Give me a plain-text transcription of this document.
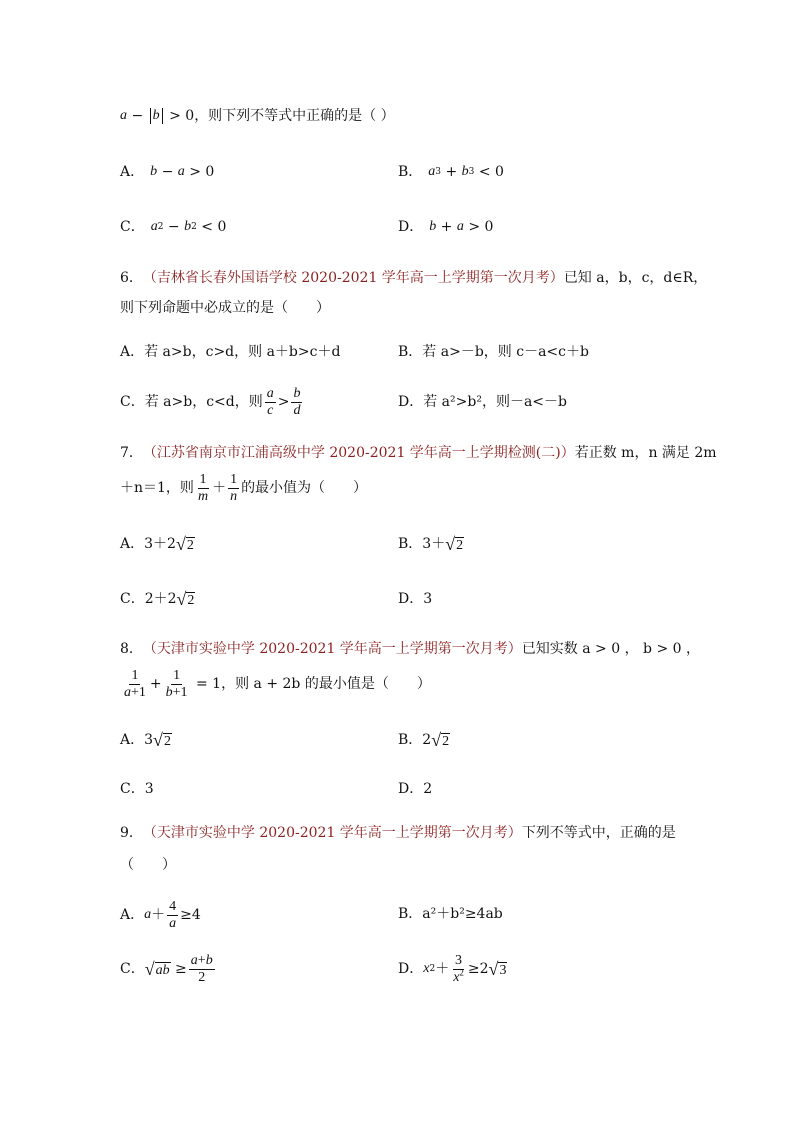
a − b > 0 ，则下列不等式中正确的是（ ）
A． b − a > 0	B． a 3 + b 3 < 0
C． a 2 − b 2 < 0	D． b + a > 0
6． （吉林省长春外国语学校 2020-2021 学年高一上学期第一次月考） 已知 a，b，c，d∈R，
则下列命题中必成立的是（　　）
A．若 a>b，c>d，则 a＋b>c＋d	B．若 a>－b，则 c－a<c＋b
C．若 a>b，c<d，则 $\frac{a}{c} > \frac{b}{d}$	D．若 a²>b²，则－a<－b
7． （江苏省南京市江浦高级中学 2020-2021 学年高一上学期检测(二)） 若正数 m，n 满足 2m
＋n＝1，则 $\frac{1}{m} + \frac{1}{n}$ 的最小值为（　　）
A．3＋2 √ 2	B．3＋ √ 2
C．2＋2 √ 2	D．3
8． （天津市实验中学 2020-2021 学年高一上学期第一次月考） 已知实数 a > 0 ， b > 0 ，
$\frac{1}{a+1} + \frac{1}{b+1} = 1$ ，则 a + 2b 的最小值是（　　）
A． 3 √ 2	B． 2 √ 2
C．3	D．2
9． （天津市实验中学 2020-2021 学年高一上学期第一次月考） 下列不等式中，正确的是
（　　）
A． $a + \frac{4}{a} \ge 4$	B．a²＋b²≥4ab
C． √ ab ≥ $\frac{a+b}{2}$	D． x $2 + \frac{3}{x^2} \ge 2$ √ 3
